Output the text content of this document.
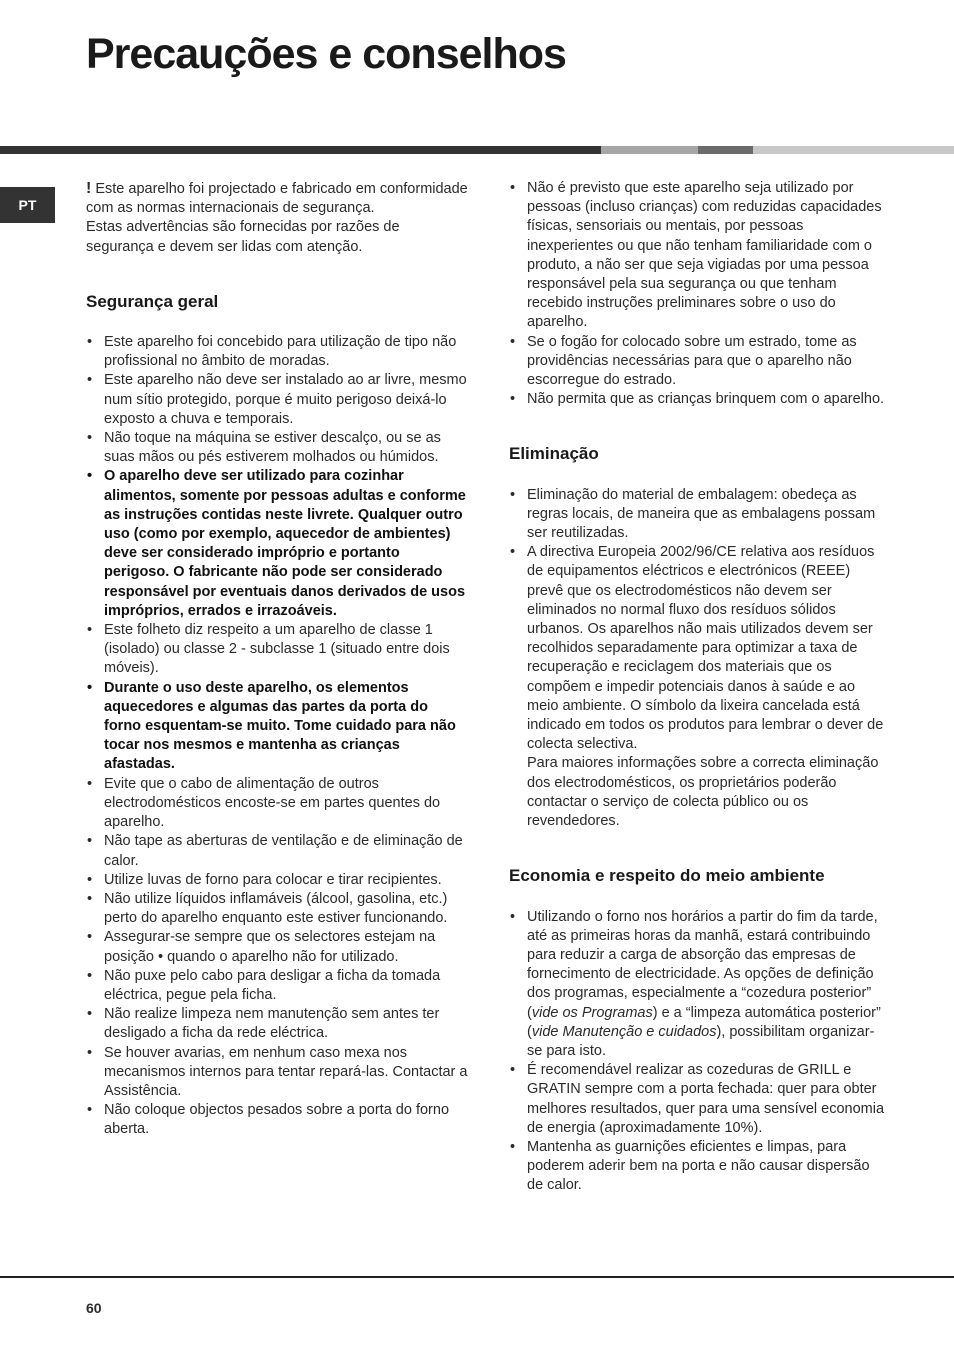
Precauções e conselhos
PT

! Este aparelho foi projectado e fabricado em conformidade com as normas internacionais de segurança.

Estas advertências são fornecidas por razões de segurança e devem ser lidas com atenção.

Segurança geral
• Este aparelho foi concebido para utilização de tipo não profissional no âmbito de moradas.
• Este aparelho não deve ser instalado ao ar livre, mesmo num sítio protegido, porque é muito perigoso deixá-lo exposto a chuva e temporais.
• Não toque na máquina se estiver descalço, ou se as suas mãos ou pés estiverem molhados ou húmidos.
• O aparelho deve ser utilizado para cozinhar alimentos, somente por pessoas adultas e conforme as instruções contidas neste livrete. Qualquer outro uso (como por exemplo, aquecedor de ambientes) deve ser considerado impróprio e portanto perigoso. O fabricante não pode ser considerado responsável por eventuais danos derivados de usos impróprios, errados e irrazoáveis.
• Este folheto diz respeito a um aparelho de classe 1 (isolado) ou classe 2 - subclasse 1 (situado entre dois móveis).
• Durante o uso deste aparelho, os elementos aquecedores e algumas das partes da porta do forno esquentam-se muito. Tome cuidado para não tocar nos mesmos e mantenha as crianças afastadas.
• Evite que o cabo de alimentação de outros electrodomésticos encoste-se em partes quentes do aparelho.
• Não tape as aberturas de ventilação e de eliminação de calor.
• Utilize luvas de forno para colocar e tirar recipientes.
• Não utilize líquidos inflamáveis (álcool, gasolina, etc.) perto do aparelho enquanto este estiver funcionando.
• Assegurar-se sempre que os selectores estejam na posição • quando o aparelho não for utilizado.
• Não puxe pelo cabo para desligar a ficha da tomada eléctrica, pegue pela ficha.
• Não realize limpeza nem manutenção sem antes ter desligado a ficha da rede eléctrica.
• Se houver avarias, em nenhum caso mexa nos mecanismos internos para tentar repará-las. Contactar a Assistência.
• Não coloque objectos pesados sobre a porta do forno aberta.
• Não é previsto que este aparelho seja utilizado por pessoas (incluso crianças) com reduzidas capacidades físicas, sensoriais ou mentais, por pessoas inexperientes ou que não tenham familiaridade com o produto, a não ser que seja vigiadas por uma pessoa responsável pela sua segurança ou que tenham recebido instruções preliminares sobre o uso do aparelho.
• Se o fogão for colocado sobre um estrado, tome as providências necessárias para que o aparelho não escorregue do estrado.
• Não permita que as crianças brinquem com o aparelho.
Eliminação
• Eliminação do material de embalagem: obedeça as regras locais, de maneira que as embalagens possam ser reutilizadas.
• A directiva Europeia 2002/96/CE relativa aos resíduos de equipamentos eléctricos e electrónicos (REEE) prevê que os electrodomésticos não devem ser eliminados no normal fluxo dos resíduos sólidos urbanos. Os aparelhos não mais utilizados devem ser recolhidos separadamente para optimizar a taxa de recuperação e reciclagem dos materiais que os compõem e impedir potenciais danos à saúde e ao meio ambiente. O símbolo da lixeira cancelada está indicado em todos os produtos para lembrar o dever de colecta selectiva.
Para maiores informações sobre a correcta eliminação dos electrodomésticos, os proprietários poderão contactar o serviço de colecta público ou os revendedores.
Economia e respeito do meio ambiente
• Utilizando o forno nos horários a partir do fim da tarde, até as primeiras horas da manhã, estará contribuindo para reduzir a carga de absorção das empresas de fornecimento de electricidade. As opções de definição dos programas, especialmente a “cozedura posterior” (vide os Programas) e a “limpeza automática posterior” (vide Manutenção e cuidados), possibilitam organizar-se para isto.
• É recomendável realizar as cozeduras de GRILL e GRATIN sempre com a porta fechada: quer para obter melhores resultados, quer para uma sensível economia de energia (aproximadamente 10%).
• Mantenha as guarnições eficientes e limpas, para poderem aderir bem na porta e não causar dispersão de calor.
60
